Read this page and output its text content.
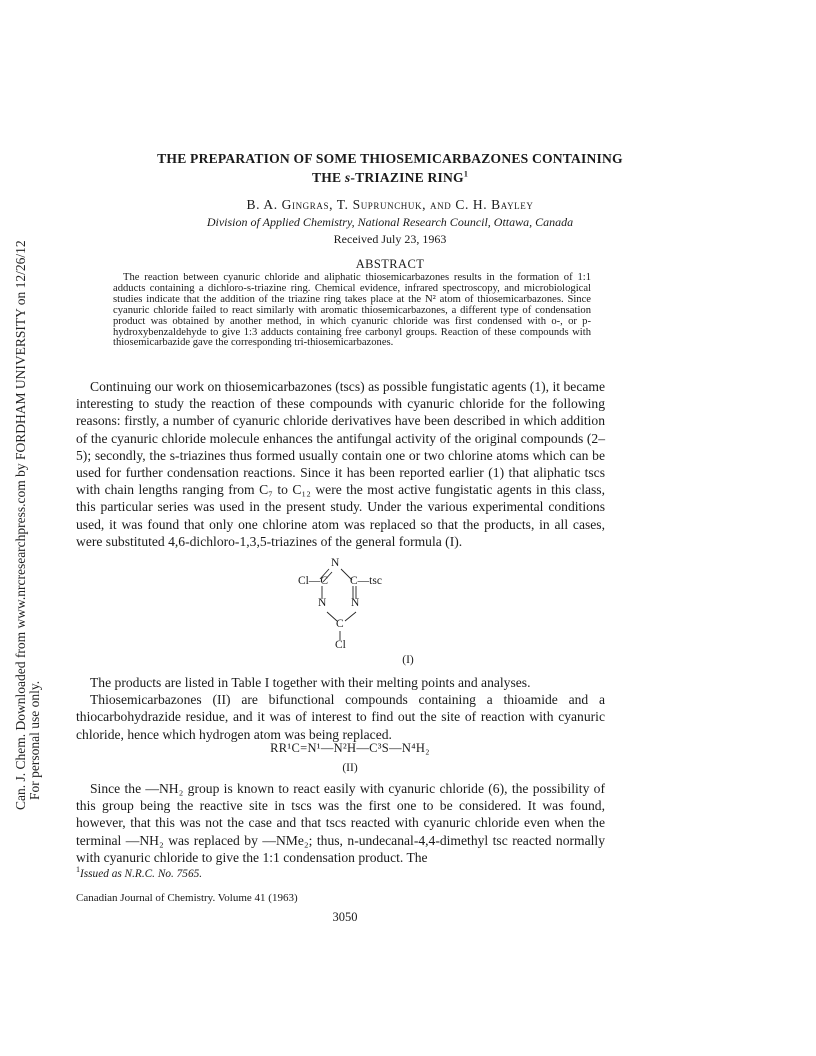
Can. J. Chem. Downloaded from www.nrcresearchpress.com by FORDHAM UNIVERSITY on 12/26/12
For personal use only.
THE PREPARATION OF SOME THIOSEMICARBAZONES CONTAINING
THE s-TRIAZINE RING$^1$
B. A. Gingras, T. Suprunchuk, and C. H. Bayley
Division of Applied Chemistry, National Research Council, Ottawa, Canada
Received July 23, 1963
ABSTRACT

The reaction between cyanuric chloride and aliphatic thiosemicarbazones results in the formation of 1:1 adducts containing a dichloro-s-triazine ring. Chemical evidence, infrared spectroscopy, and microbiological studies indicate that the addition of the triazine ring takes place at the N² atom of thiosemicarbazones. Since cyanuric chloride failed to react similarly with aromatic thiosemicarbazones, a different type of condensation product was obtained by another method, in which cyanuric chloride was first condensed with o-, or p-hydroxybenzaldehyde to give 1:3 adducts containing free carbonyl groups. Reaction of these compounds with thiosemicarbazide gave the corresponding tri-thiosemicarbazones.

Continuing our work on thiosemicarbazones (tscs) as possible fungistatic agents (1), it became interesting to study the reaction of these compounds with cyanuric chloride for the following reasons: firstly, a number of cyanuric chloride derivatives have been described in which addition of the cyanuric chloride molecule enhances the antifungal activity of the original compounds (2–5); secondly, the s-triazines thus formed usually contain one or two chlorine atoms which can be used for further condensation reactions. Since it has been reported earlier (1) that aliphatic tscs with chain lengths ranging from C₇ to C₁₂ were the most active fungistatic agents in this class, this particular series was used in the present study. Under the various experimental conditions used, it was found that only one chlorine atom was replaced so that the products, in all cases, were substituted 4,6-dichloro-1,3,5-triazines of the general formula (I).

N
Cl—C C—tsc
N N
C
Cl
(I)

The products are listed in Table I together with their melting points and analyses.

Thiosemicarbazones (II) are bifunctional compounds containing a thioamide and a thiocarbohydrazide residue, and it was of interest to find out the site of reaction with cyanuric chloride, hence which hydrogen atom was being replaced.

RR¹C=N¹—N²H—C³S—N⁴H₂
(II)

Since the —NH₂ group is known to react easily with cyanuric chloride (6), the possibility of this group being the reactive site in tscs was the first one to be considered. It was found, however, that this was not the case and that tscs reacted with cyanuric chloride even when the terminal —NH₂ was replaced by —NMe₂; thus, n-undecanal-4,4-dimethyl tsc reacted normally with cyanuric chloride to give the 1:1 condensation product. The

$^1$Issued as N.R.C. No. 7565.
Canadian Journal of Chemistry. Volume 41 (1963)
3050
